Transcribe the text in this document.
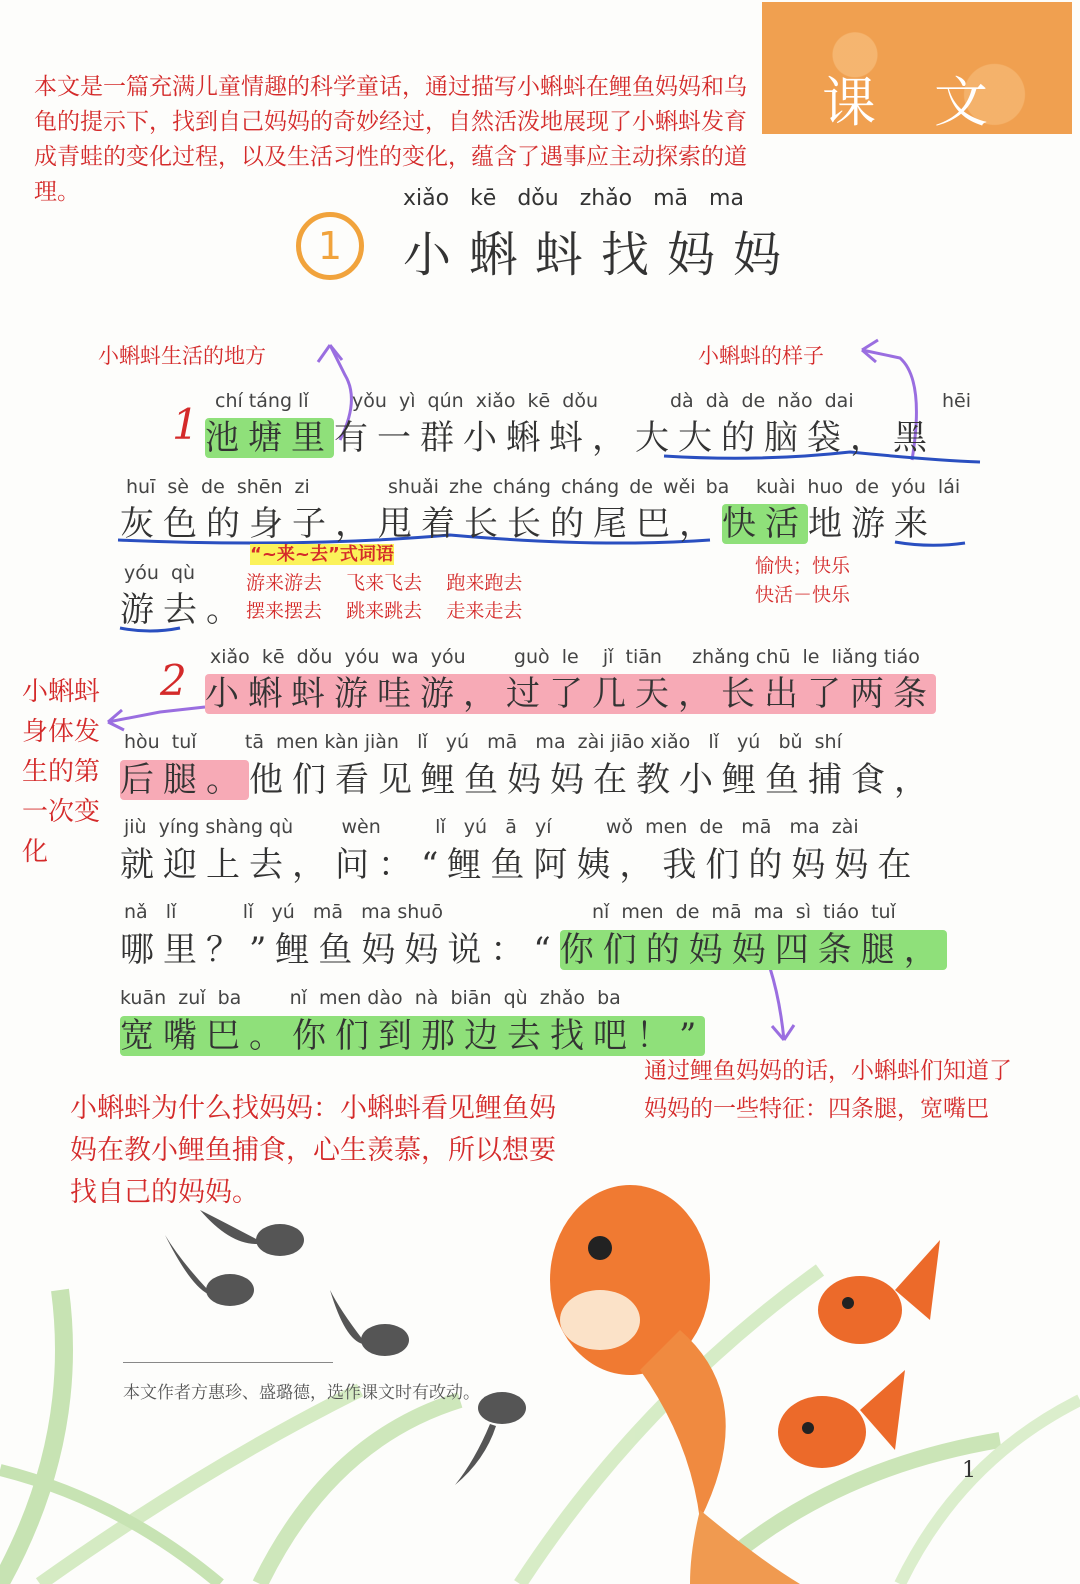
课文
本文是一篇充满儿童情趣的科学童话，通过描写小蝌蚪在鲤鱼妈妈和乌龟的提示下，找到自己妈妈的奇妙经过，自然活泼地展现了小蝌蚪发育成青蛙的变化过程，以及生活习性的变化，蕴含了遇事应主动探索的道理。
1
xiǎo kē dǒu zhǎo mā ma
小蝌蚪找妈妈
小蝌蚪生活的地方	小蝌蚪的样子
1
2
chí táng lǐ yǒu yì qún xiǎo kē dǒu	dà dà de nǎo dai	hēi
池塘里有一群小蝌蚪，大大的脑袋，黑
huī sè de shēn zi	shuǎi zhe cháng cháng de wěi ba kuài huo de yóu lái
灰色的身子，甩着长长的尾巴，快活地游来
“~来~去”式词语
游来游去    飞来飞去    跑来跑去
摆来摆去    跳来跳去    走来走去
愉快；快乐
快活－快乐
yóu qù
游去。
小蝌蚪身体发生的第一次变化
xiǎo  kē  dǒu  yóu  wa  yóu        guò  le    jǐ  tiān     zhǎng chū  le  liǎng tiáo
小蝌蚪游哇游，过了几天，长出了两条
hòu  tuǐ        tā  men kàn jiàn   lǐ   yú   mā   ma  zài jiāo xiǎo   lǐ   yú   bǔ  shí
后腿。他们看见鲤鱼妈妈在教小鲤鱼捕食，
jiù  yíng shàng qù        wèn         lǐ   yú   ā   yí         wǒ  men  de   mā   ma  zài
就迎上去，问：“鲤鱼阿姨，我们的妈妈在
nǎ   lǐ           lǐ   yú   mā   ma shuō	nǐ men de mā ma sì tiáo tuǐ
哪里？”鲤鱼妈妈说：“你们的妈妈四条腿，
kuān  zuǐ  ba        nǐ  men dào  nà  biān  qù  zhǎo  ba
宽嘴巴。你们到那边去找吧！”
小蝌蚪为什么找妈妈：小蝌蚪看见鲤鱼妈妈在教小鲤鱼捕食，心生羡慕，所以想要找自己的妈妈。
通过鲤鱼妈妈的话，小蝌蚪们知道了妈妈的一些特征：四条腿，宽嘴巴
本文作者方惠珍、盛璐德，选作课文时有改动。
1
